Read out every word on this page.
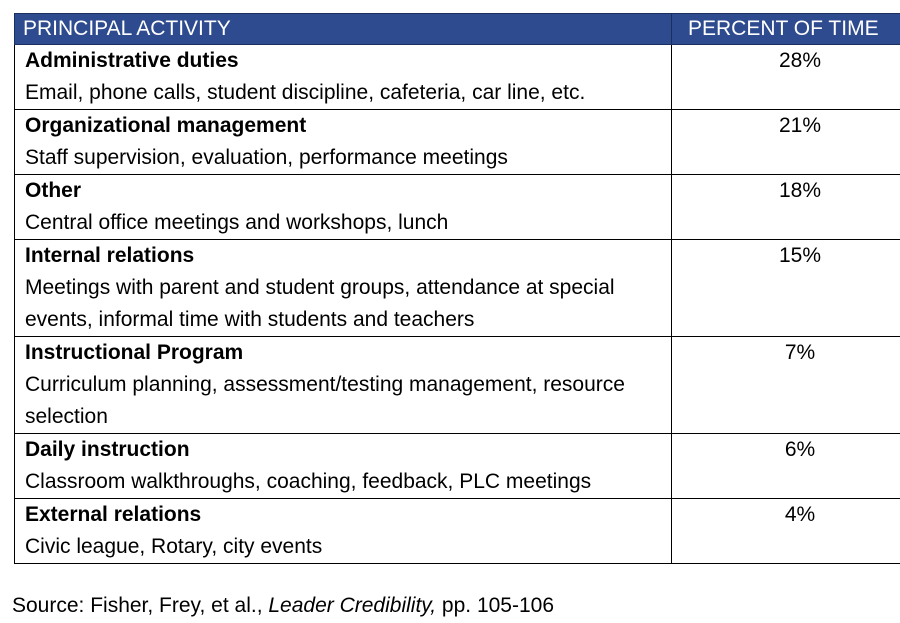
PRINCIPAL ACTIVITY	PERCENT OF TIME

Administrative duties
Email, phone calls, student discipline, cafeteria, car line, etc.	28%

Organizational management
Staff supervision, evaluation, performance meetings	21%

Other
Central office meetings and workshops, lunch	18%

Internal relations
Meetings with parent and student groups, attendance at special events, informal time with students and teachers	15%

Instructional Program
Curriculum planning, assessment/testing management, resource selection	7%

Daily instruction
Classroom walkthroughs, coaching, feedback, PLC meetings	6%

External relations
Civic league, Rotary, city events	4%
Source: Fisher, Frey, et al., Leader Credibility, pp. 105-106
